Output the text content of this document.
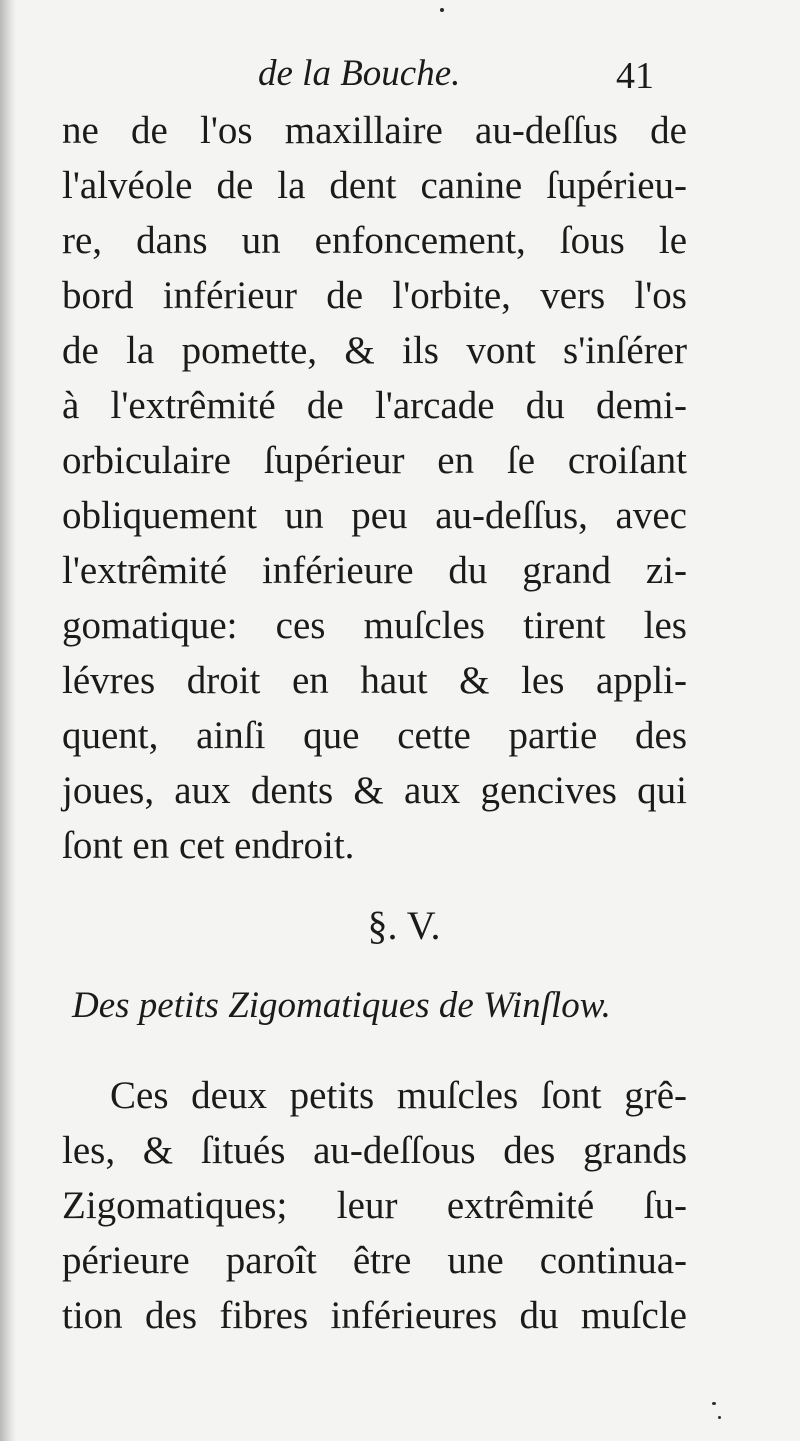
de la Bouche.	41
ne de l'os maxillaire au-deſſus de
l'alvéole de la dent canine ſupérieu-
re, dans un enfoncement, ſous le
bord inférieur de l'orbite, vers l'os
de la pomette, & ils vont s'inſérer
à l'extrêmité de l'arcade du demi-
orbiculaire ſupérieur en ſe croiſant
obliquement un peu au-deſſus, avec
l'extrêmité inférieure du grand zi-
gomatique: ces muſcles tirent les
lévres droit en haut & les appli-
quent, ainſi que cette partie des
joues, aux dents & aux gencives qui
ſont en cet endroit.
§. V.
Des petits Zigomatiques de Winſlow.
Ces deux petits muſcles ſont grê-
les, & ſitués au-deſſous des grands
Zigomatiques; leur extrêmité ſu-
périeure paroît être une continua-
tion des fibres inférieures du muſcle
